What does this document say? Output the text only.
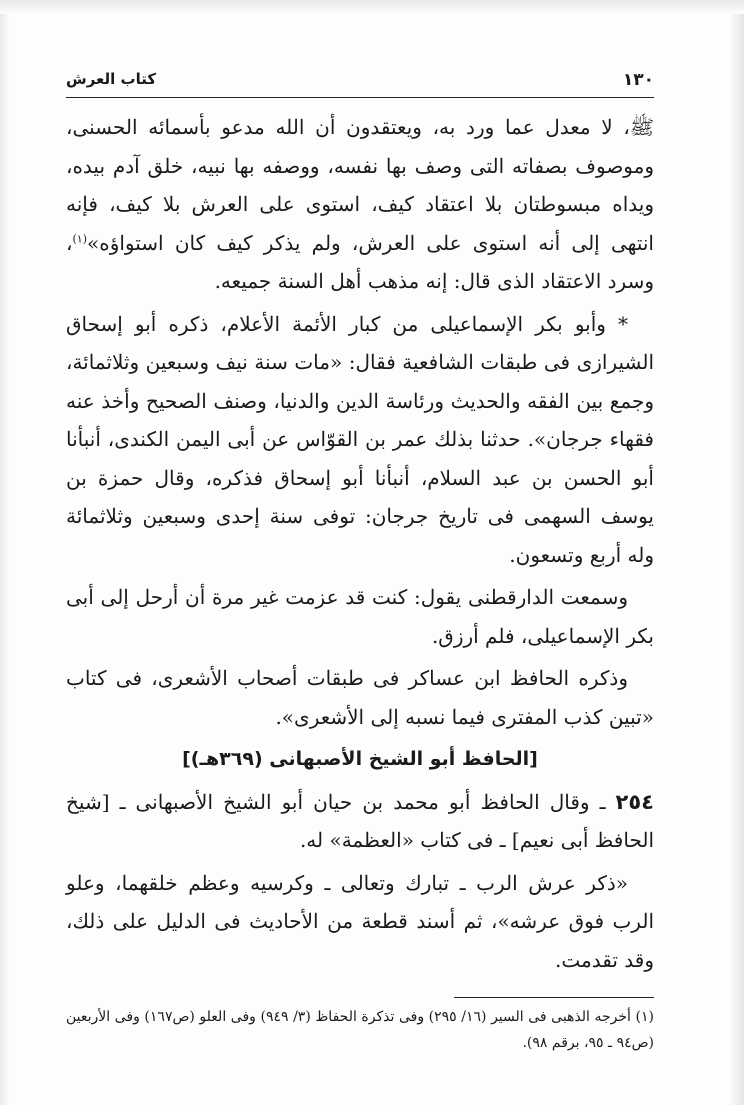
١٣٠
كتاب العرش

ﷺ، لا معدل عما ورد به، ويعتقدون أن الله مدعو بأسمائه الحسنى، وموصوف بصفاته التى وصف بها نفسه، ووصفه بها نبيه، خلق آدم بيده، ويداه مبسوطتان بلا اعتقاد كيف، استوى على العرش بلا كيف، فإنه انتهى إلى أنه استوى على العرش، ولم يذكر كيف كان استواؤه»$^{(١)}$، وسرد الاعتقاد الذى قال: إنه مذهب أهل السنة جميعه.

* وأبو بكر الإسماعيلى من كبار الأئمة الأعلام، ذكره أبو إسحاق الشيرازى فى طبقات الشافعية فقال: «مات سنة نيف وسبعين وثلاثمائة، وجمع بين الفقه والحديث ورئاسة الدين والدنيا، وصنف الصحيح وأخذ عنه فقهاء جرجان». حدثنا بذلك عمر بن القوّاس عن أبى اليمن الكندى، أنبأنا أبو الحسن بن عبد السلام، أنبأنا أبو إسحاق فذكره، وقال حمزة بن يوسف السهمى فى تاريخ جرجان: توفى سنة إحدى وسبعين وثلاثمائة وله أربع وتسعون.

وسمعت الدارقطنى يقول: كنت قد عزمت غير مرة أن أرحل إلى أبى بكر الإسماعيلى، فلم أرزق.

وذكره الحافظ ابن عساكر فى طبقات أصحاب الأشعرى، فى كتاب «تبين كذب المفترى فيما نسبه إلى الأشعرى».

[الحافظ أبو الشيخ الأصبهانى (٣٦٩هـ)]

٢٥٤ ـ وقال الحافظ أبو محمد بن حيان أبو الشيخ الأصبهانى ـ [شيخ الحافظ أبى نعيم] ـ فى كتاب «العظمة» له.

«ذكر عرش الرب ـ تبارك وتعالى ـ وكرسيه وعظم خلقهما، وعلو الرب فوق عرشه»، ثم أسند قطعة من الأحاديث فى الدليل على ذلك، وقد تقدمت.

(١) أخرجه الذهبى فى السير (١٦/ ٢٩٥) وفى تذكرة الحفاظ (٣/ ٩٤٩) وفى العلو (ص١٦٧) وفى الأربعين (ص٩٤ ـ ٩٥، برقم ٩٨).
